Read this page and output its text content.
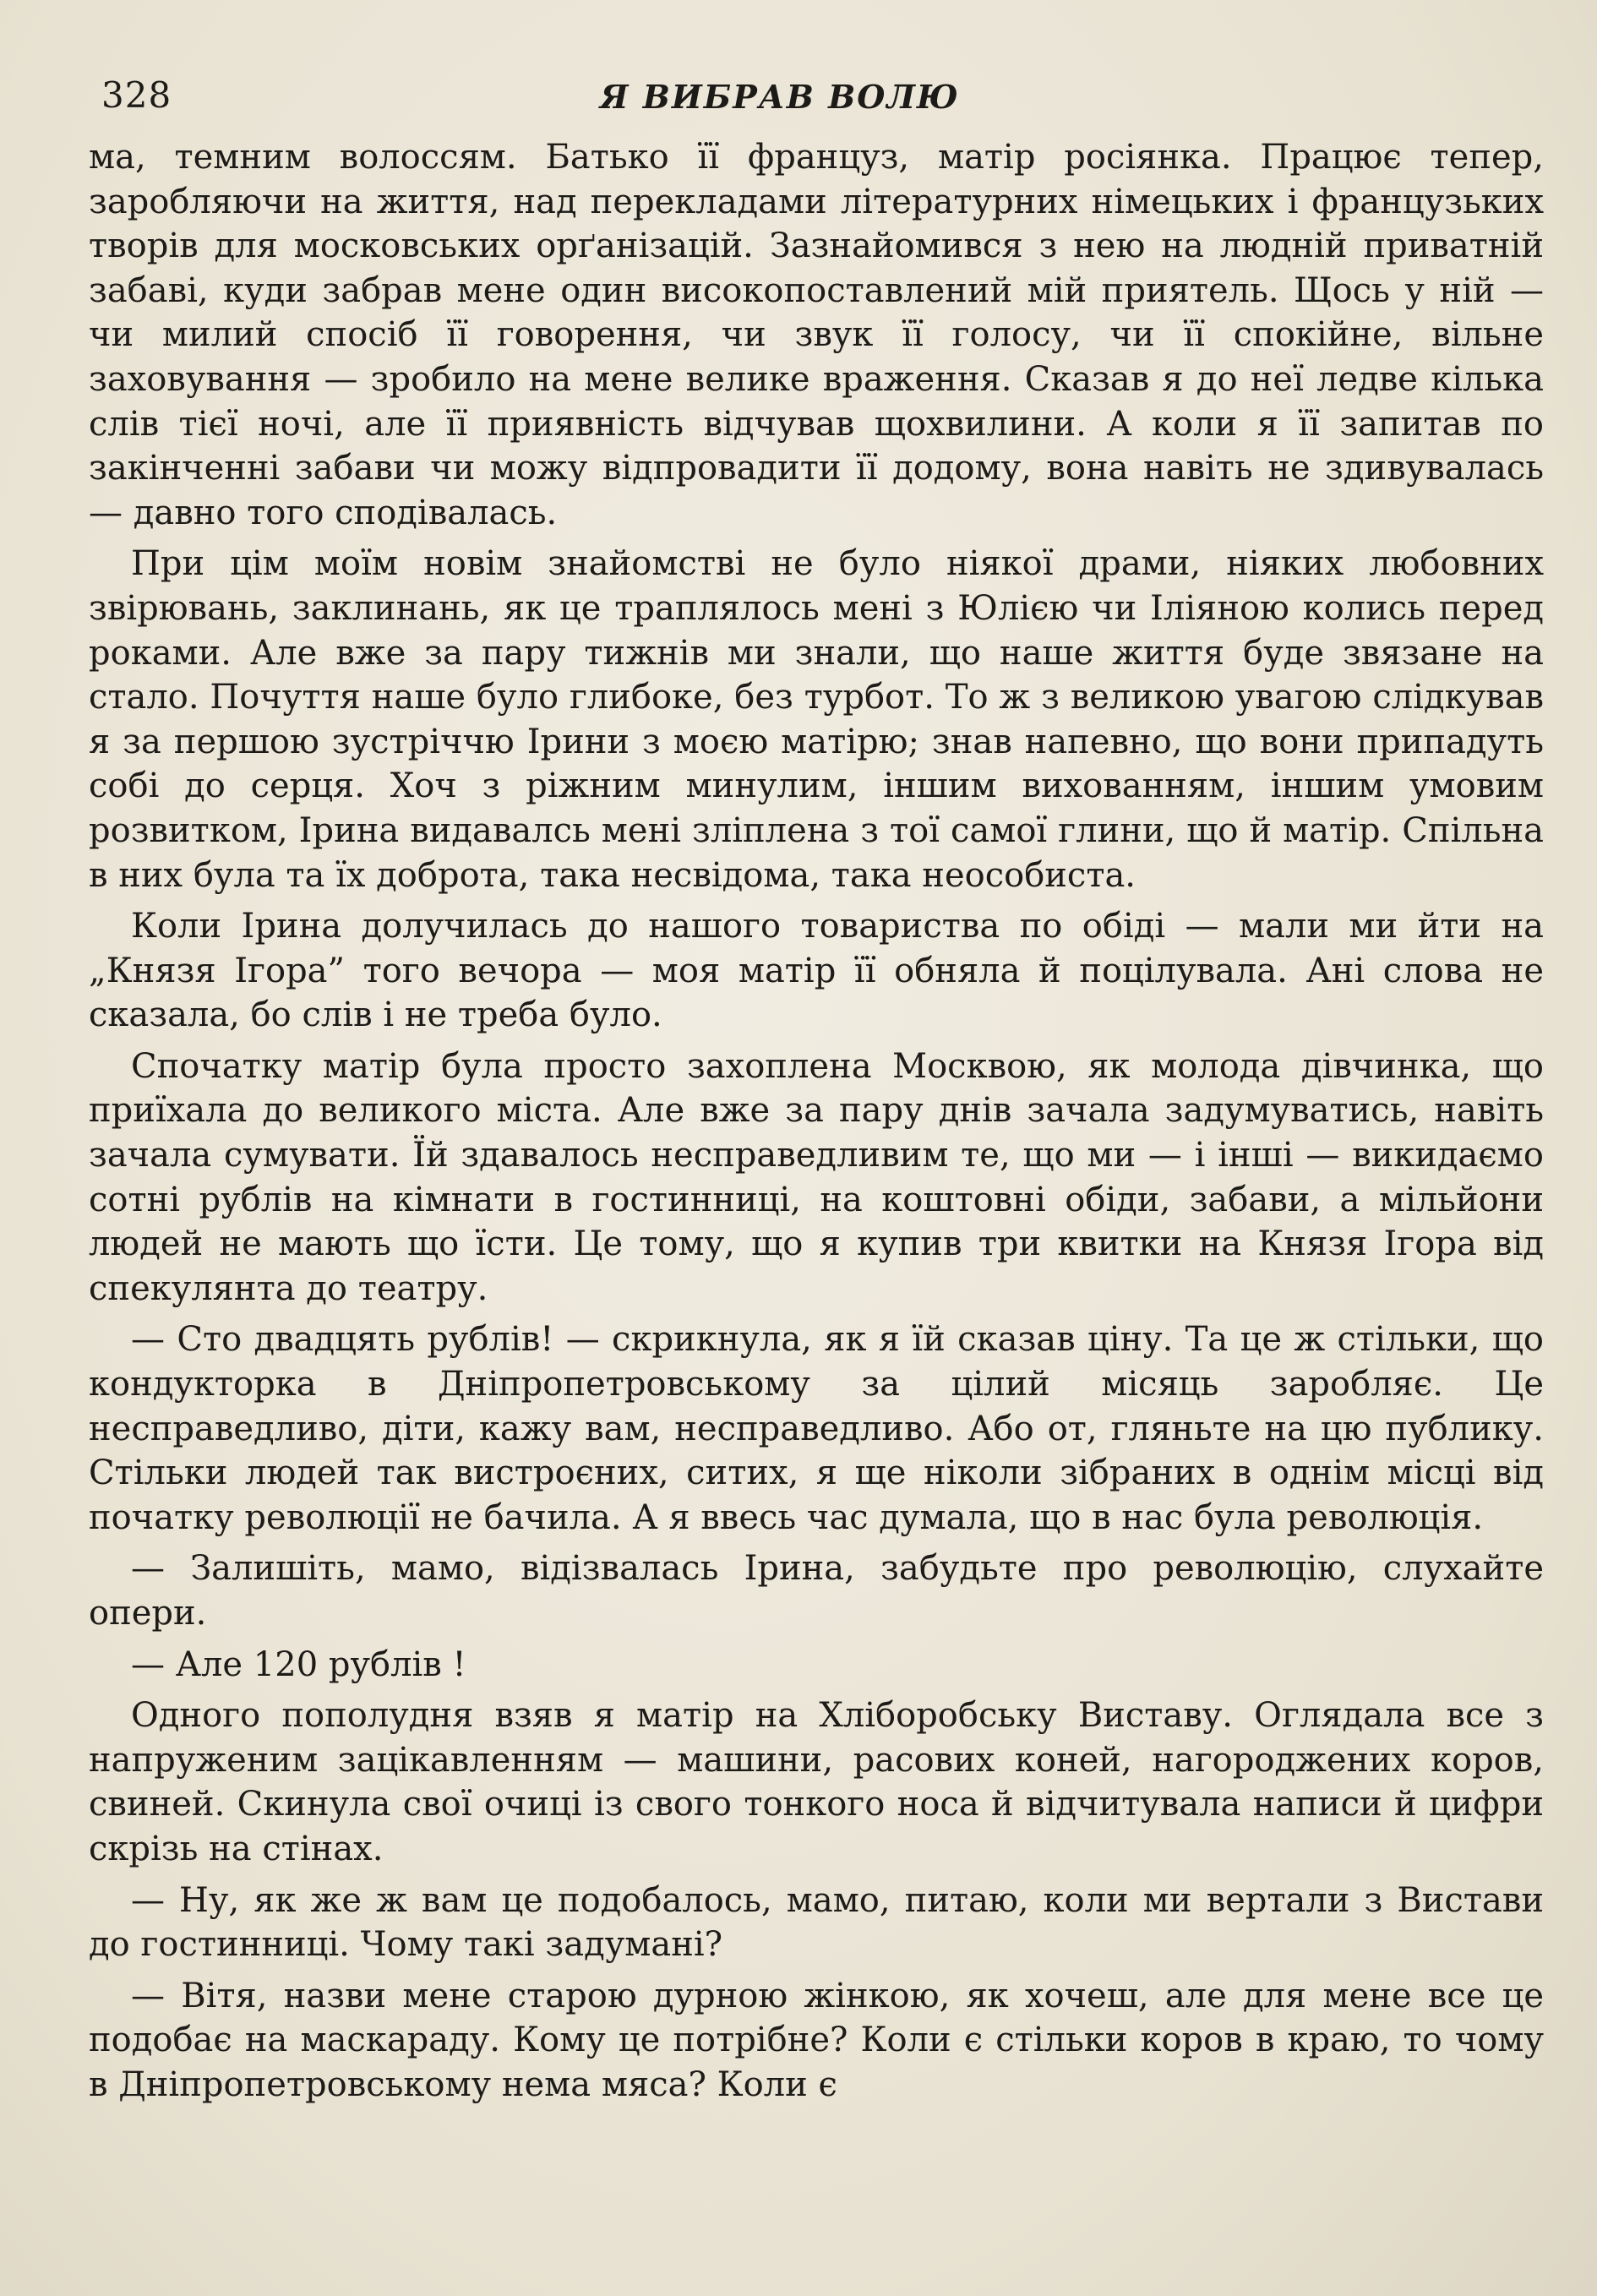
328	Я ВИБРАВ ВОЛЮ

ма, темним волоссям. Батько її француз, матір росіянка. Працює тепер, заробляючи на життя, над перекладами літературних німецьких і французьких творів для московських орґанізацій. Зазнайомився з нею на людній приватній забаві, куди забрав мене один високопоставлений мій приятель. Щось у ній — чи милий спосіб її говорення, чи звук її голосу, чи її спокійне, вільне заховування — зробило на мене велике враження. Сказав я до неї ледве кілька слів тієї ночі, але її приявність відчував щохвилини. А коли я її запитав по закінченні забави чи можу відпровадити її додому, вона навіть не здивувалась — давно того сподівалась.

При цім моїм новім знайомстві не було ніякої драми, ніяких любовних звірювань, заклинань, як це траплялось мені з Юлією чи Іліяною колись перед роками. Але вже за пару тижнів ми знали, що наше життя буде звязане на стало. Почуття наше було глибоке, без турбот. То ж з великою увагою слідкував я за першою зустріччю Ірини з моєю матірю; знав напевно, що вони припадуть собі до серця. Хоч з ріжним минулим, іншим вихованням, іншим умовим розвитком, Ірина видавалсь мені зліплена з тої самої глини, що й матір. Спільна в них була та їх доброта, така несвідома, така неособиста.

Коли Ірина долучилась до нашого товариства по обіді — мали ми йти на „Князя Ігора” того вечора — моя матір її обняла й поцілувала. Ані слова не сказала, бо слів і не треба було.

Спочатку матір була просто захоплена Москвою, як молода дівчинка, що приїхала до великого міста. Але вже за пару днів зачала задумуватись, навіть зачала сумувати. Їй здавалось несправедливим те, що ми — і інші — викидаємо сотні рублів на кімнати в гостинниці, на коштовні обіди, забави, а мільйони людей не мають що їсти. Це тому, що я купив три квитки на Князя Ігора від спекулянта до театру.

— Сто двадцять рублів! — скрикнула, як я їй сказав ціну. Та це ж стільки, що кондукторка в Дніпропетровському за цілий місяць заробляє. Це несправедливо, діти, кажу вам, несправедливо. Або от, гляньте на цю публику. Стільки людей так вистроєних, ситих, я ще ніколи зібраних в однім місці від початку революції не бачила. А я ввесь час думала, що в нас була революція.

— Залишіть, мамо, відізвалась Ірина, забудьте про революцію, слухайте опери.

— Але 120 рублів !

Одного пополудня взяв я матір на Хліборобську Виставу. Оглядала все з напруженим зацікавленням — машини, расових коней, нагороджених коров, свиней. Скинула свої очиці із свого тонкого носа й відчитувала написи й цифри скрізь на стінах.

— Ну, як же ж вам це подобалось, мамо, питаю, коли ми вертали з Вистави до гостинниці. Чому такі задумані?

— Вітя, назви мене старою дурною жінкою, як хочеш, але для мене все це подобає на маскараду. Кому це потрібне? Коли є стільки коров в краю, то чому в Дніпропетровському нема мяса? Коли є
